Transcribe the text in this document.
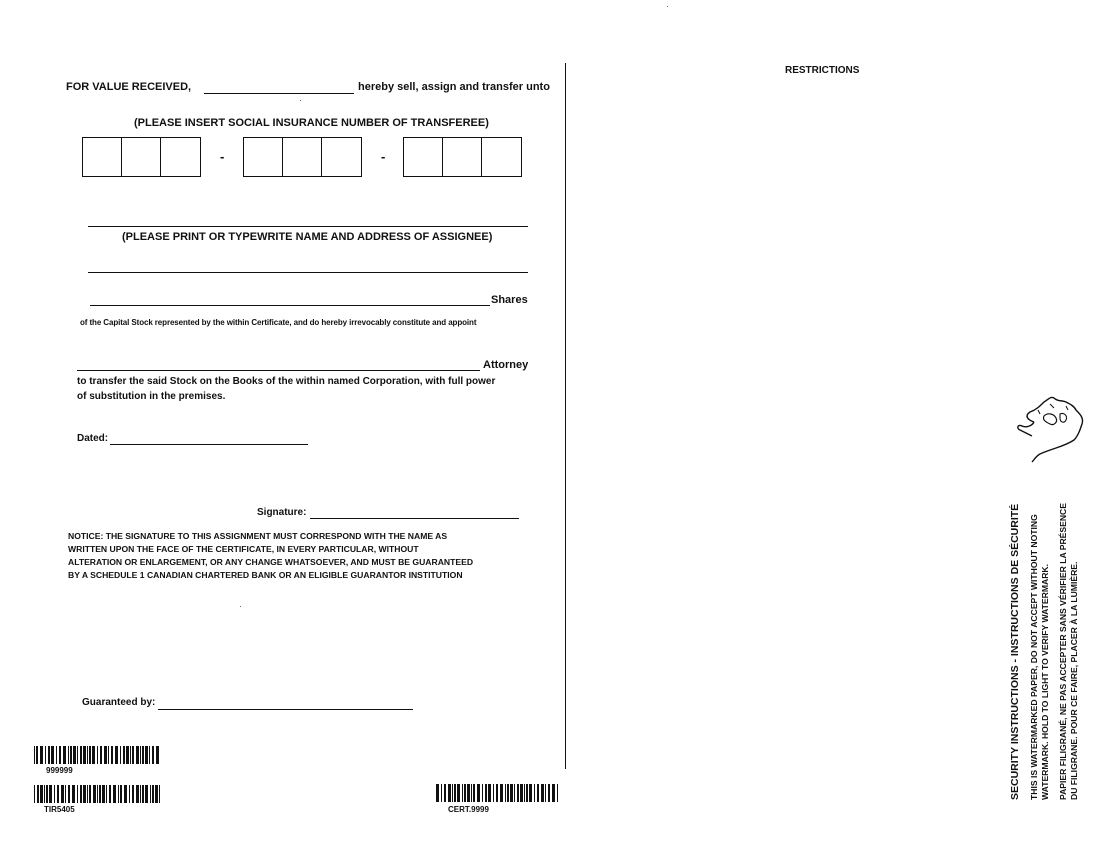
FOR VALUE RECEIVED,	hereby sell, assign and transfer unto
(PLEASE INSERT SOCIAL INSURANCE NUMBER OF TRANSFEREE)
-	-
(PLEASE PRINT OR TYPEWRITE NAME AND ADDRESS OF ASSIGNEE)
Shares
of the Capital Stock represented by the within Certificate, and do hereby irrevocably constitute and appoint
Attorney
to transfer the said Stock on the Books of the within named Corporation, with full power
of substitution in the premises.
Dated:
Signature:
NOTICE: THE SIGNATURE TO THIS ASSIGNMENT MUST CORRESPOND WITH THE NAME AS
WRITTEN UPON THE FACE OF THE CERTIFICATE, IN EVERY PARTICULAR, WITHOUT
ALTERATION OR ENLARGEMENT, OR ANY CHANGE WHATSOEVER, AND MUST BE GUARANTEED
BY A SCHEDULE 1 CANADIAN CHARTERED BANK OR AN ELIGIBLE GUARANTOR INSTITUTION
Guaranteed by:
999999
TIR5405	CERT.9999
RESTRICTIONS
SECURITY INSTRUCTIONS - INSTRUCTIONS DE SÉCURITÉ THIS IS WATERMARKED PAPER, DO NOT ACCEPT WITHOUT NOTING WATERMARK. HOLD TO LIGHT TO VERIFY WATERMARK. PAPIER FILIGRANÉ, NE PAS ACCEPTER SANS VÉRIFIER LA PRÉSENCE DU FILIGRANE. POUR CE FAIRE, PLACER À LA LUMIÈRE.
